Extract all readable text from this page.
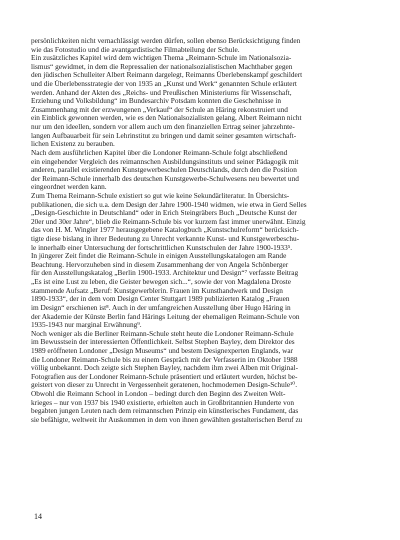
persönlichkeiten nicht vernachlässigt werden dürfen, sollen ebenso Berücksichtigung finden
wie das Fotostudio und die avantgardistische Filmabteilung der Schule.
Ein zusätzliches Kapitel wird dem wichtigen Thema „Reimann-Schule im Nationalsozia-
lismus“ gewidmet, in dem die Repressalien der nationalsozialistischen Machthaber gegen
den jüdischen Schulleiter Albert Reimann dargelegt, Reimanns Überlebenskampf geschildert
und die Überlebensstrategie der von 1935 an „Kunst und Werk“ genannten Schule erläutert
werden. Anhand der Akten des „Reichs- und Preußischen Ministeriums für Wissenschaft,
Erziehung und Volksbildung“ im Bundesarchiv Potsdam konnten die Geschehnisse in
Zusammenhang mit der erzwungenen „Verkauf“ der Schule an Häring rekonstruiert und
ein Einblick gewonnen werden, wie es den Nationalsozialisten gelang, Albert Reimann nicht
nur um den ideellen, sondern vor allem auch um den finanziellen Ertrag seiner jahrzehnte-
langen Aufbauarbeit für sein Lehrinstitut zu bringen und damit seiner gesamten wirtschaft-
lichen Existenz zu berauben.
Nach dem ausführlichen Kapitel über die Londoner Reimann-Schule folgt abschließend
ein eingehender Vergleich des reimannschen Ausbildungsinstituts und seiner Pädagogik mit
anderen, parallel existierenden Kunstgewerbeschulen Deutschlands, durch den die Position
der Reimann-Schule innerhalb des deutschen Kunstgewerbe-Schulwesens neu bewertet und
eingeordnet werden kann.
Zum Thema Reimann-Schule existiert so gut wie keine Sekundärliteratur. In Übersichts-
publikationen, die sich u.a. dem Design der Jahre 1900-1940 widmen, wie etwa in Gerd Selles
„Design-Geschichte in Deutschland“ oder in Erich Steingräbers Buch „Deutsche Kunst der
20er und 30er Jahre“, blieb die Reimann-Schule bis vor kurzem fast immer unerwähnt. Einzig
das von H. M. Wingler 1977 herausgegebene Katalogbuch „Kunstschulreform“ berücksich-
tigte diese bislang in ihrer Bedeutung zu Unrecht verkannte Kunst- und Kunstgewerbeschu-
le innerhalb einer Untersuchung der fortschrittlichen Kunstschulen der Jahre 1900-1933⁵.
In jüngerer Zeit findet die Reimann-Schule in einigen Ausstellungskatalogen am Rande
Beachtung. Hervorzuheben sind in diesem Zusammenhang der von Angela Schönberger
für den Ausstellungskatalog „Berlin 1900-1933. Architektur und Design“⁷ verfasste Beitrag
„Es ist eine Lust zu leben, die Geister bewegen sich...“, sowie der von Magdalena Droste
stammende Aufsatz „Beruf: Kunstgewerblerin. Frauen im Kunsthandwerk und Design
1890-1933“, der in dem vom Design Center Stuttgart 1989 publizierten Katalog „Frauen
im Design“ erschienen ist⁸. Auch in der umfangreichen Ausstellung über Hugo Häring in
der Akademie der Künste Berlin fand Härings Leitung der ehemaligen Reimann-Schule von
1935-1943 nur marginal Erwähnung⁹.
Noch weniger als die Berliner Reimann-Schule steht heute die Londoner Reimann-Schule
im Bewusstsein der interessierten Öffentlichkeit. Selbst Stephen Bayley, dem Direktor des
1989 eröffneten Londoner „Design Museums“ und bestem Designexperten Englands, war
die Londoner Reimann-Schule bis zu einem Gespräch mit der Verfasserin im Oktober 1988
völlig unbekannt. Doch zeigte sich Stephen Bayley, nachdem ihm zwei Alben mit Original-
Fotografien aus der Londoner Reimann-Schule präsentiert und erläutert wurden, höchst be-
geistert von dieser zu Unrecht in Vergessenheit geratenen, hochmodernen Design-Schule¹⁰.
Obwohl die Reimann School in London – bedingt durch den Beginn des Zweiten Welt-
krieges – nur von 1937 bis 1940 existierte, erhielten auch in Großbritannien Hunderte von
begabten jungen Leuten nach dem reimannschen Prinzip ein künstlerisches Fundament, das
sie befähigte, weltweit ihr Auskommen in dem von ihnen gewählten gestalterischen Beruf zu
14
